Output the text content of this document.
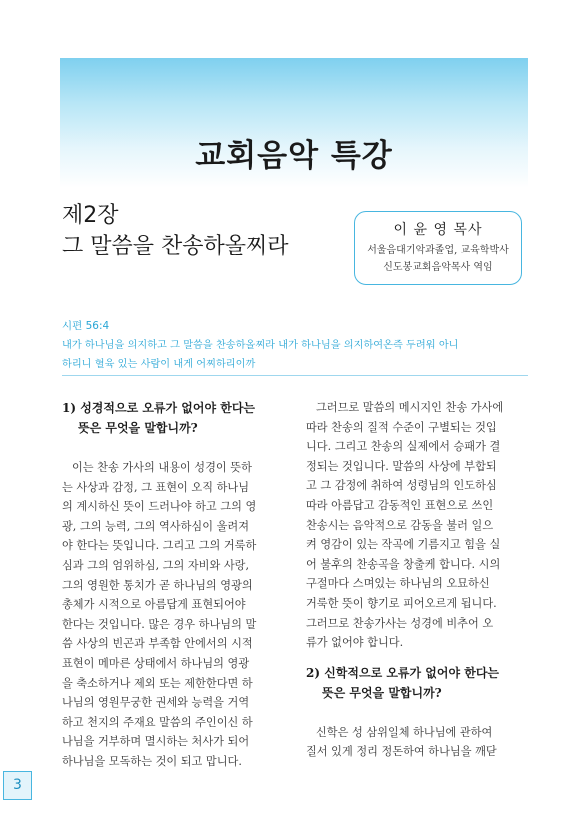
교회음악 특강
제2장
그 말씀을 찬송하올찌라
이 윤 영 목사
서울음대기악과졸업, 교육학박사
신도봉교회음악목사 역임
시편 56:4
내가 하나님을 의지하고 그 말씀을 찬송하올찌라 내가 하나님을 의지하여온즉 두려워 아니
하리니 혈육 있는 사람이 내게 어찌하리이까
1) 성경적으로 오류가 없어야 한다는
뜻은 무엇을 말합니까?
이는 찬송 가사의 내용이 성경이 뜻하
는 사상과 감정, 그 표현이 오직 하나님
의 계시하신 뜻이 드러나야 하고 그의 영
광, 그의 능력, 그의 역사하심이 울려져
야 한다는 뜻입니다. 그리고 그의 거룩하
심과 그의 엄위하심, 그의 자비와 사랑,
그의 영원한 통치가 곧 하나님의 영광의
총체가 시적으로 아름답게 표현되어야
한다는 것입니다. 많은 경우 하나님의 말
씀 사상의 빈곤과 부족함 안에서의 시적
표현이 메마른 상태에서 하나님의 영광
을 축소하거나 제외 또는 제한한다면 하
나님의 영원무궁한 권세와 능력을 거역
하고 천지의 주재요 말씀의 주인이신 하
나님을 거부하며 멸시하는 처사가 되어
하나님을 모독하는 것이 되고 맙니다.
그러므로 말씀의 메시지인 찬송 가사에
따라 찬송의 질적 수준이 구별되는 것입
니다. 그리고 찬송의 실제에서 승패가 결
정되는 것입니다. 말씀의 사상에 부합되
고 그 감정에 취하여 성령님의 인도하심
따라 아름답고 감동적인 표현으로 쓰인
찬송시는 음악적으로 감동을 불러 일으
켜 영감이 있는 작곡에 기름지고 힘을 실
어 불후의 찬송곡을 창출케 합니다. 시의
구절마다 스며있는 하나님의 오묘하신
거룩한 뜻이 향기로 피어오르게 됩니다.
그러므로 찬송가사는 성경에 비추어 오
류가 없어야 합니다.
2) 신학적으로 오류가 없어야 한다는
뜻은 무엇을 말합니까?
신학은 성 삼위일체 하나님에 관하여
질서 있게 정리 정돈하여 하나님을 깨닫
3
